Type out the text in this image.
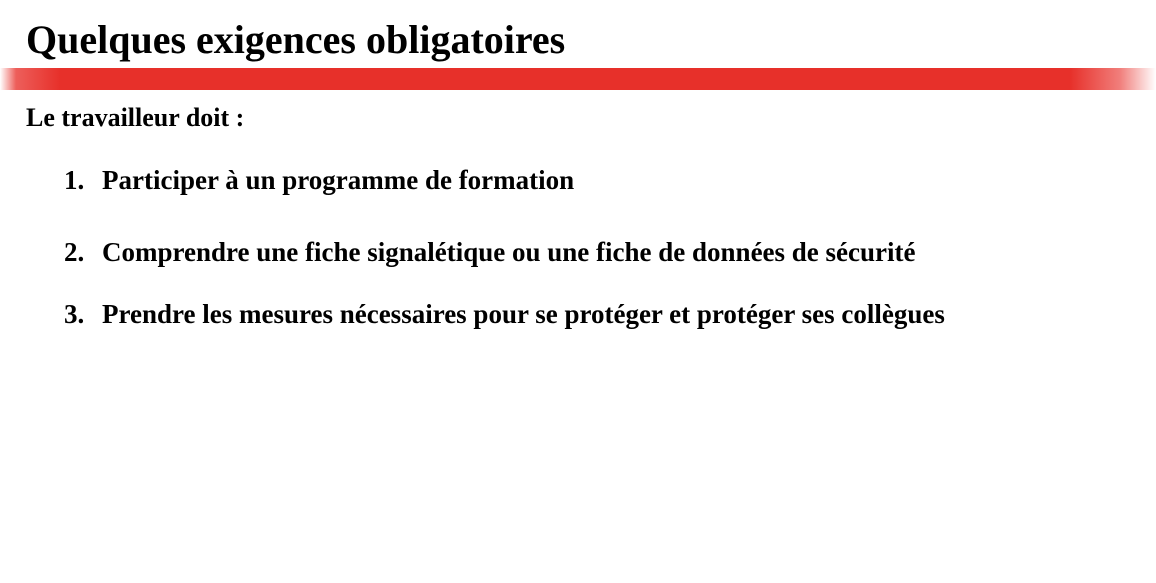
Quelques exigences obligatoires

Le travailleur doit :

1. Participer à un programme de formation
2. Comprendre une fiche signalétique ou une fiche de données de sécurité
3. Prendre les mesures nécessaires pour se protéger et protéger ses collègues
